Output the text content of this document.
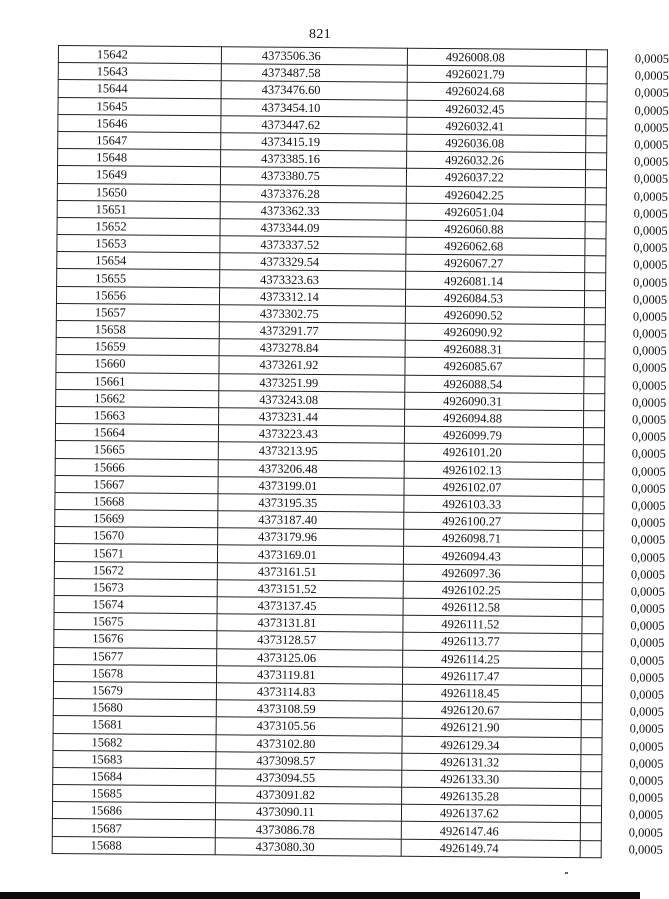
821
15642	4373506.36	4926008.08	0,0005
15643	4373487.58	4926021.79	0,0005
15644	4373476.60	4926024.68	0,0005
15645	4373454.10	4926032.45	0,0005
15646	4373447.62	4926032.41	0,0005
15647	4373415.19	4926036.08	0,0005
15648	4373385.16	4926032.26	0,0005
15649	4373380.75	4926037.22	0,0005
15650	4373376.28	4926042.25	0,0005
15651	4373362.33	4926051.04	0,0005
15652	4373344.09	4926060.88	0,0005
15653	4373337.52	4926062.68	0,0005
15654	4373329.54	4926067.27	0,0005
15655	4373323.63	4926081.14	0,0005
15656	4373312.14	4926084.53	0,0005
15657	4373302.75	4926090.52	0,0005
15658	4373291.77	4926090.92	0,0005
15659	4373278.84	4926088.31	0,0005
15660	4373261.92	4926085.67	0,0005
15661	4373251.99	4926088.54	0,0005
15662	4373243.08	4926090.31	0,0005
15663	4373231.44	4926094.88	0,0005
15664	4373223.43	4926099.79	0,0005
15665	4373213.95	4926101.20	0,0005
15666	4373206.48	4926102.13	0,0005
15667	4373199.01	4926102.07	0,0005
15668	4373195.35	4926103.33	0,0005
15669	4373187.40	4926100.27	0,0005
15670	4373179.96	4926098.71	0,0005
15671	4373169.01	4926094.43	0,0005
15672	4373161.51	4926097.36	0,0005
15673	4373151.52	4926102.25	0,0005
15674	4373137.45	4926112.58	0,0005
15675	4373131.81	4926111.52	0,0005
15676	4373128.57	4926113.77	0,0005
15677	4373125.06	4926114.25	0,0005
15678	4373119.81	4926117.47	0,0005
15679	4373114.83	4926118.45	0,0005
15680	4373108.59	4926120.67	0,0005
15681	4373105.56	4926121.90	0,0005
15682	4373102.80	4926129.34	0,0005
15683	4373098.57	4926131.32	0,0005
15684	4373094.55	4926133.30	0,0005
15685	4373091.82	4926135.28	0,0005
15686	4373090.11	4926137.62	0,0005
15687	4373086.78	4926147.46	0,0005
15688	4373080.30	4926149.74	0,0005
